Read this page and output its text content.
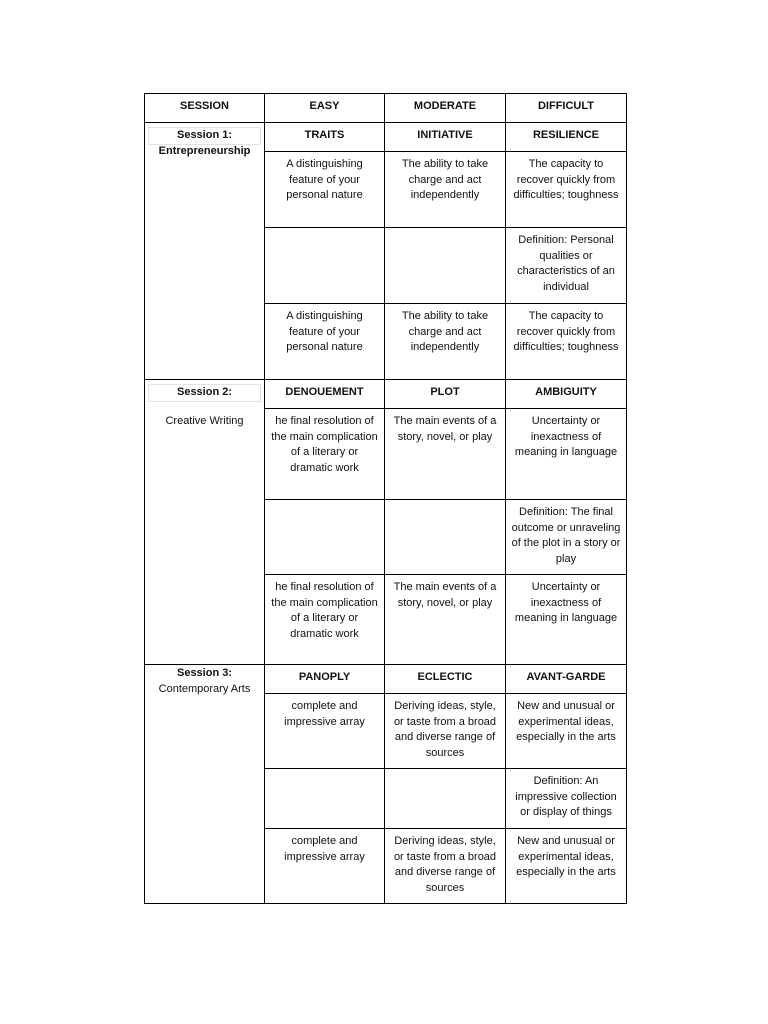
SESSION	EASY	MODERATE	DIFFICULT

Session 1:
Entrepreneurship	TRAITS	INITIATIVE	RESILIENCE
	A distinguishing feature of your personal nature	The ability to take charge and act independently	The capacity to recover quickly from difficulties; toughness
			Definition: Personal qualities or characteristics of an individual
	A distinguishing feature of your personal nature	The ability to take charge and act independently	The capacity to recover quickly from difficulties; toughness

Session 2:
Creative Writing	DENOUEMENT	PLOT	AMBIGUITY
	he final resolution of the main complication of a literary or dramatic work	The main events of a story, novel, or play	Uncertainty or inexactness of meaning in language
			Definition: The final outcome or unraveling of the plot in a story or play
	he final resolution of the main complication of a literary or dramatic work	The main events of a story, novel, or play	Uncertainty or inexactness of meaning in language

Session 3:
Contemporary Arts	PANOPLY	ECLECTIC	AVANT-GARDE
	complete and impressive array	Deriving ideas, style, or taste from a broad and diverse range of sources	New and unusual or experimental ideas, especially in the arts
			Definition: An impressive collection or display of things
	complete and impressive array	Deriving ideas, style, or taste from a broad and diverse range of sources	New and unusual or experimental ideas, especially in the arts
